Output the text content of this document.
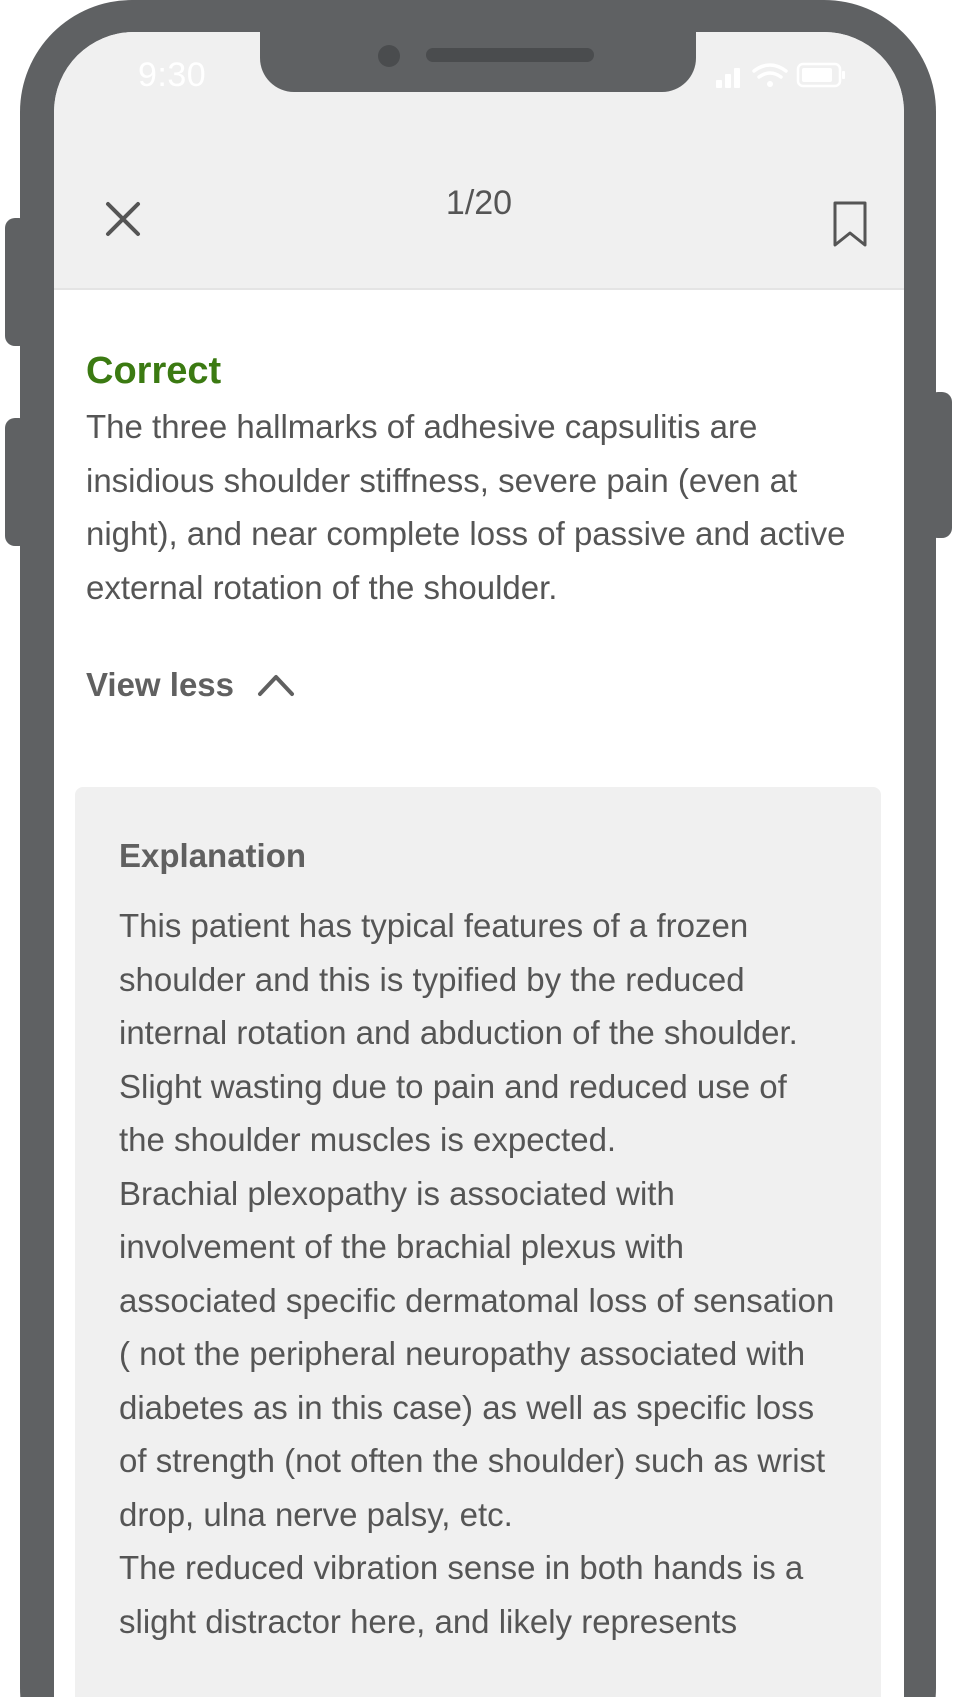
9:30
1/20
Correct
The three hallmarks of adhesive capsulitis are insidious shoulder stiffness, severe pain (even at night), and near complete loss of passive and active external rotation of the shoulder.
View less
Explanation

This patient has typical features of a frozen shoulder and this is typified by the reduced internal rotation and abduction of the shoulder. Slight wasting due to pain and reduced use of the shoulder muscles is expected.

Brachial plexopathy is associated with involvement of the brachial plexus with associated specific dermatomal loss of sensation ( not the peripheral neuropathy associated with diabetes as in this case) as well as specific loss of strength (not often the shoulder) such as wrist drop, ulna nerve palsy, etc.

The reduced vibration sense in both hands is a slight distractor here, and likely represents
